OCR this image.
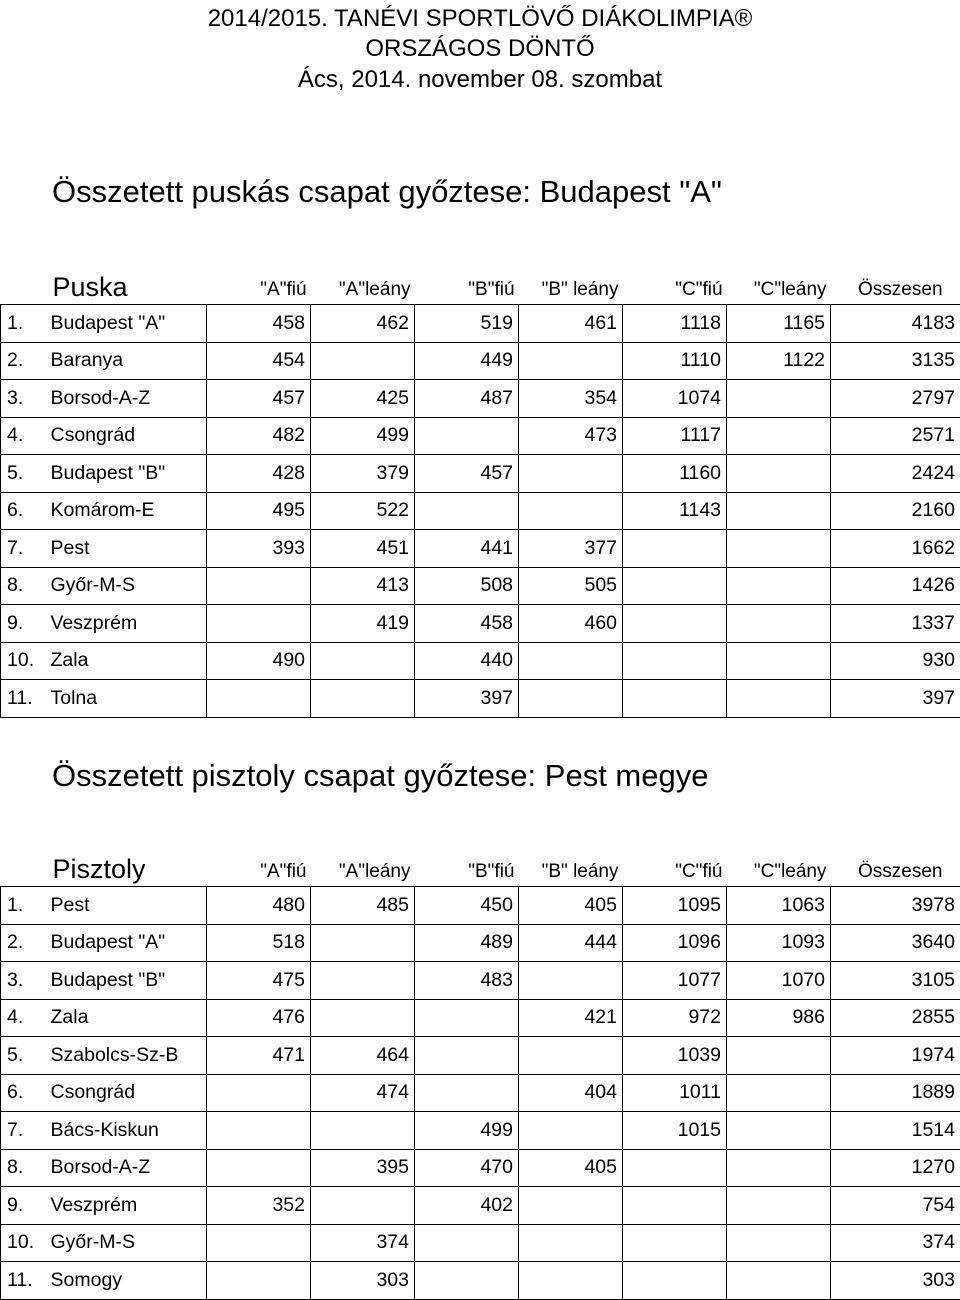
2014/2015. TANÉVI SPORTLÖVŐ DIÁKOLIMPIA®
ORSZÁGOS DÖNTŐ
Ács, 2014. november 08. szombat
Összetett puskás csapat győztese: Budapest "A"
Puska		"A"fiú	"A"leány	"B"fiú	"B" leány	"C"fiú	"C"leány	Összesen
1.	Budapest "A"	458	462	519	461	1118	1165	4183
2.	Baranya	454		449		1110	1122	3135
3.	Borsod-A-Z	457	425	487	354	1074		2797
4.	Csongrád	482	499		473	1117		2571
5.	Budapest "B"	428	379	457		1160		2424
6.	Komárom-E	495	522			1143		2160
7.	Pest	393	451	441	377			1662
8.	Győr-M-S		413	508	505			1426
9.	Veszprém		419	458	460			1337
10.	Zala	490		440				930
11.	Tolna			397				397
Összetett pisztoly csapat győztese: Pest megye
Pisztoly		"A"fiú	"A"leány	"B"fiú	"B" leány	"C"fiú	"C"leány	Összesen
1.	Pest	480	485	450	405	1095	1063	3978
2.	Budapest "A"	518		489	444	1096	1093	3640
3.	Budapest "B"	475		483		1077	1070	3105
4.	Zala	476			421	972	986	2855
5.	Szabolcs-Sz-B	471	464			1039		1974
6.	Csongrád		474		404	1011		1889
7.	Bács-Kiskun			499		1015		1514
8.	Borsod-A-Z		395	470	405			1270
9.	Veszprém	352		402				754
10.	Győr-M-S		374					374
11.	Somogy		303					303
